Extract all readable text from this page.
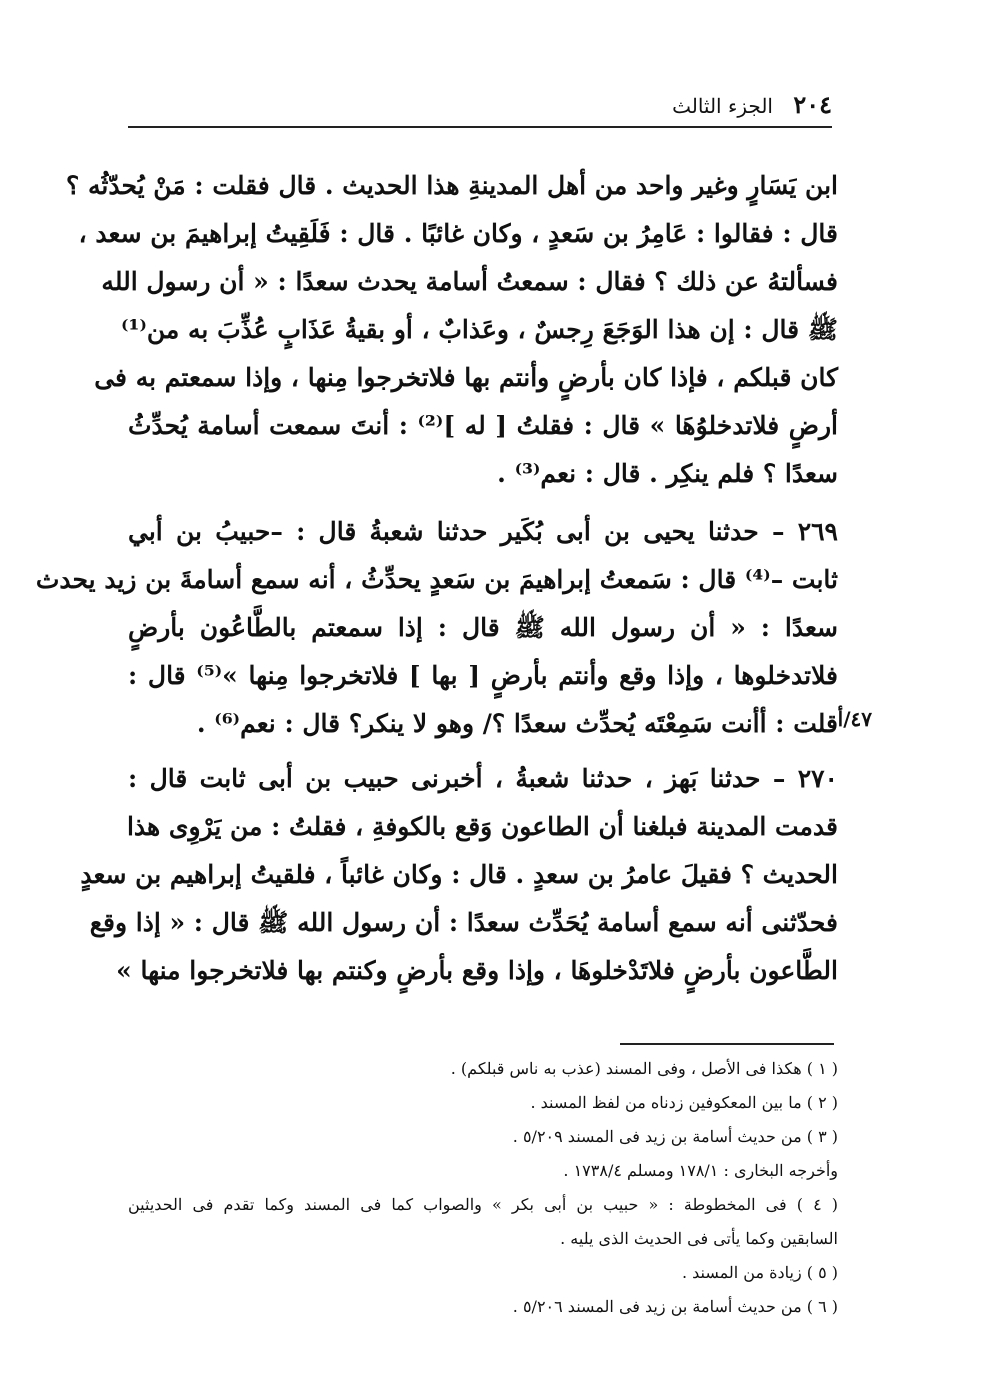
٢٠٤ الجزء الثالث
ابن يَسَارٍ وغير واحد من أهل المدينةِ هذا الحديث . قال فقلت : مَنْ يُحدّثُه ؟
قال : فقالوا : عَامِرُ بن سَعدٍ ، وكان غائبًا . قال : فَلَقِيتُ إبراهيمَ بن سعد ،
فسألتهُ عن ذلك ؟ فقال : سمعتُ أسامة يحدث سعدًا : « أن رسول الله
ﷺ قال : إن هذا الوَجَعَ رِجسٌ ، وعَذابٌ ، أو بقيةُ عَذَابٍ عُذِّبَ به من⁽¹⁾
كان قبلكم ، فإذا كان بأرضٍ وأنتم بها فلاتخرجوا مِنها ، وإذا سمعتم به فى
أرضٍ فلاتدخلوُهَا » قال : فقلتُ [ له ]⁽²⁾ : أنتَ سمعت أسامة يُحدِّثُ
سعدًا ؟ فلم ينكِر . قال : نعم⁽³⁾ .
٢٦٩ – حدثنا يحيى بن أبى بُكَير حدثنا شعبةُ قال : –حبيبُ بن أبي
ثابت –⁽⁴⁾ قال : سَمعتُ إبراهيمَ بن سَعدٍ يحدِّثُ ، أنه سمع أسامةَ بن زيد يحدث
سعدًا : « أن رسول الله ﷺ قال : إذا سمعتم بالطَّاعُون بأرضٍ
فلاتدخلوها ، وإذا وقع وأنتم بأرضٍ [ بها ] فلاتخرجوا مِنها »⁽⁵⁾ قال :
قلت : أأنت سَمِعْتَه يُحدِّث سعدًا ؟/ وهو لا ينكر؟ قال : نعم⁽⁶⁾ . ٤٧/أ
٢٧٠ – حدثنا بَهز ، حدثنا شعبةُ ، أخبرنى حبيب بن أبى ثابت قال :
قدمت المدينة فبلغنا أن الطاعون وَقع بالكوفةِ ، فقلتُ : من يَرْوِى هذا
الحديث ؟ فقيلَ عامرُ بن سعدٍ . قال : وكان غائباً ، فلقيتُ إبراهيم بن سعدٍ
فحدّثنى أنه سمع أسامة يُحَدِّث سعدًا : أن رسول الله ﷺ قال : « إذا وقع
الطَّاعون بأرضٍ فلاتَدْخلوهَا ، وإذا وقع بأرضٍ وكنتم بها فلاتخرجوا منها »
( ١ ) هكذا فى الأصل ، وفى المسند (عذب به ناس قبلكم) .
( ٢ ) ما بين المعكوفين زدناه من لفظ المسند .
( ٣ ) من حديث أسامة بن زيد فى المسند ٥/٢٠٩ .
وأخرجه البخارى : ١٧٨/١ ومسلم ١٧٣٨/٤ .
( ٤ ) فى المخطوطة : « حبيب بن أبى بكر » والصواب كما فى المسند وكما تقدم فى الحديثين
السابقين وكما يأتى فى الحديث الذى يليه .
( ٥ ) زيادة من المسند .
( ٦ ) من حديث أسامة بن زيد فى المسند ٥/٢٠٦ .
